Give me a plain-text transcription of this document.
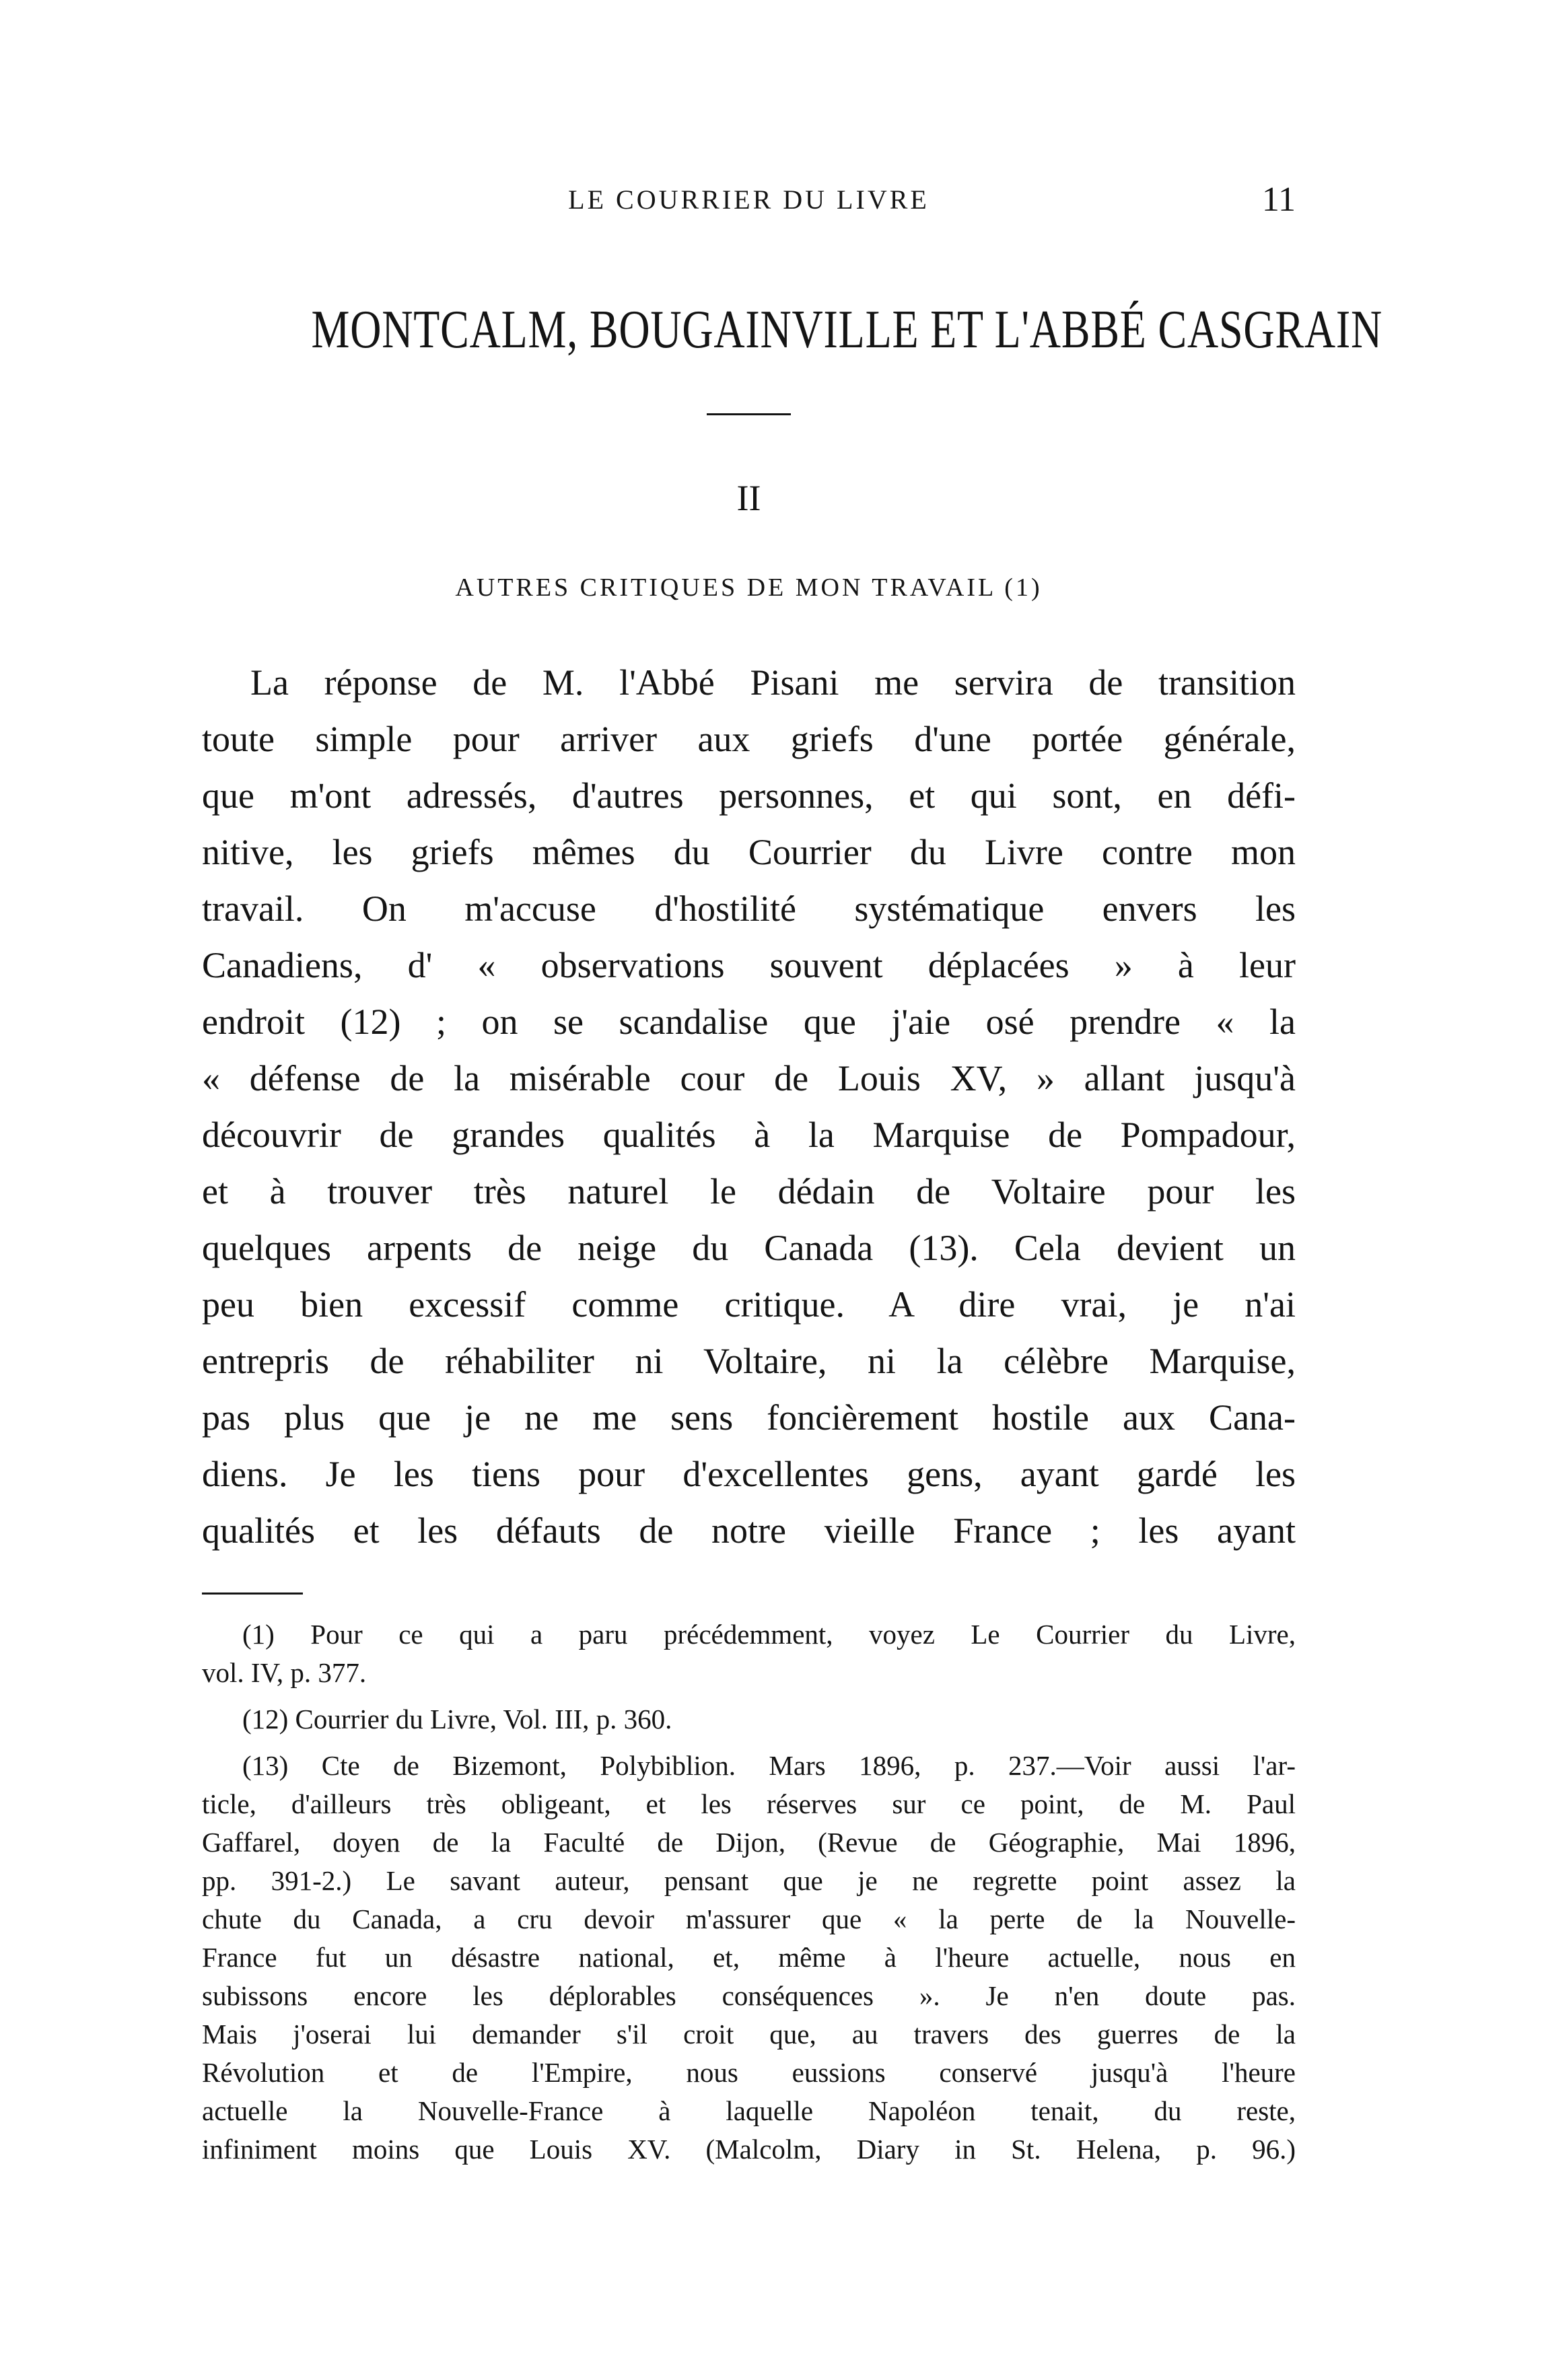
LE COURRIER DU LIVRE	11
MONTCALM, BOUGAINVILLE ET L'ABBÉ CASGRAIN
II
AUTRES CRITIQUES DE MON TRAVAIL (1)
La réponse de M. l'Abbé Pisani me servira de transition
toute simple pour arriver aux griefs d'une portée générale,
que m'ont adressés, d'autres personnes, et qui sont, en défi-
nitive, les griefs mêmes du Courrier du Livre contre mon
travail. On m'accuse d'hostilité systématique envers les
Canadiens, d' « observations souvent déplacées » à leur
endroit (12) ; on se scandalise que j'aie osé prendre « la
« défense de la misérable cour de Louis XV, » allant jusqu'à
découvrir de grandes qualités à la Marquise de Pompadour,
et à trouver très naturel le dédain de Voltaire pour les
quelques arpents de neige du Canada (13). Cela devient un
peu bien excessif comme critique. A dire vrai, je n'ai
entrepris de réhabiliter ni Voltaire, ni la célèbre Marquise,
pas plus que je ne me sens foncièrement hostile aux Cana-
diens. Je les tiens pour d'excellentes gens, ayant gardé les
qualités et les défauts de notre vieille France ; les ayant
(1) Pour ce qui a paru précédemment, voyez Le Courrier du Livre,
vol. IV, p. 377.
(12) Courrier du Livre, Vol. III, p. 360.
(13) Cte de Bizemont, Polybiblion. Mars 1896, p. 237.—Voir aussi l'ar-
ticle, d'ailleurs très obligeant, et les réserves sur ce point, de M. Paul
Gaffarel, doyen de la Faculté de Dijon, (Revue de Géographie, Mai 1896,
pp. 391-2.) Le savant auteur, pensant que je ne regrette point assez la
chute du Canada, a cru devoir m'assurer que « la perte de la Nouvelle-
France fut un désastre national, et, même à l'heure actuelle, nous en
subissons encore les déplorables conséquences ». Je n'en doute pas.
Mais j'oserai lui demander s'il croit que, au travers des guerres de la
Révolution et de l'Empire, nous eussions conservé jusqu'à l'heure
actuelle la Nouvelle-France à laquelle Napoléon tenait, du reste,
infiniment moins que Louis XV. (Malcolm, Diary in St. Helena, p. 96.)
